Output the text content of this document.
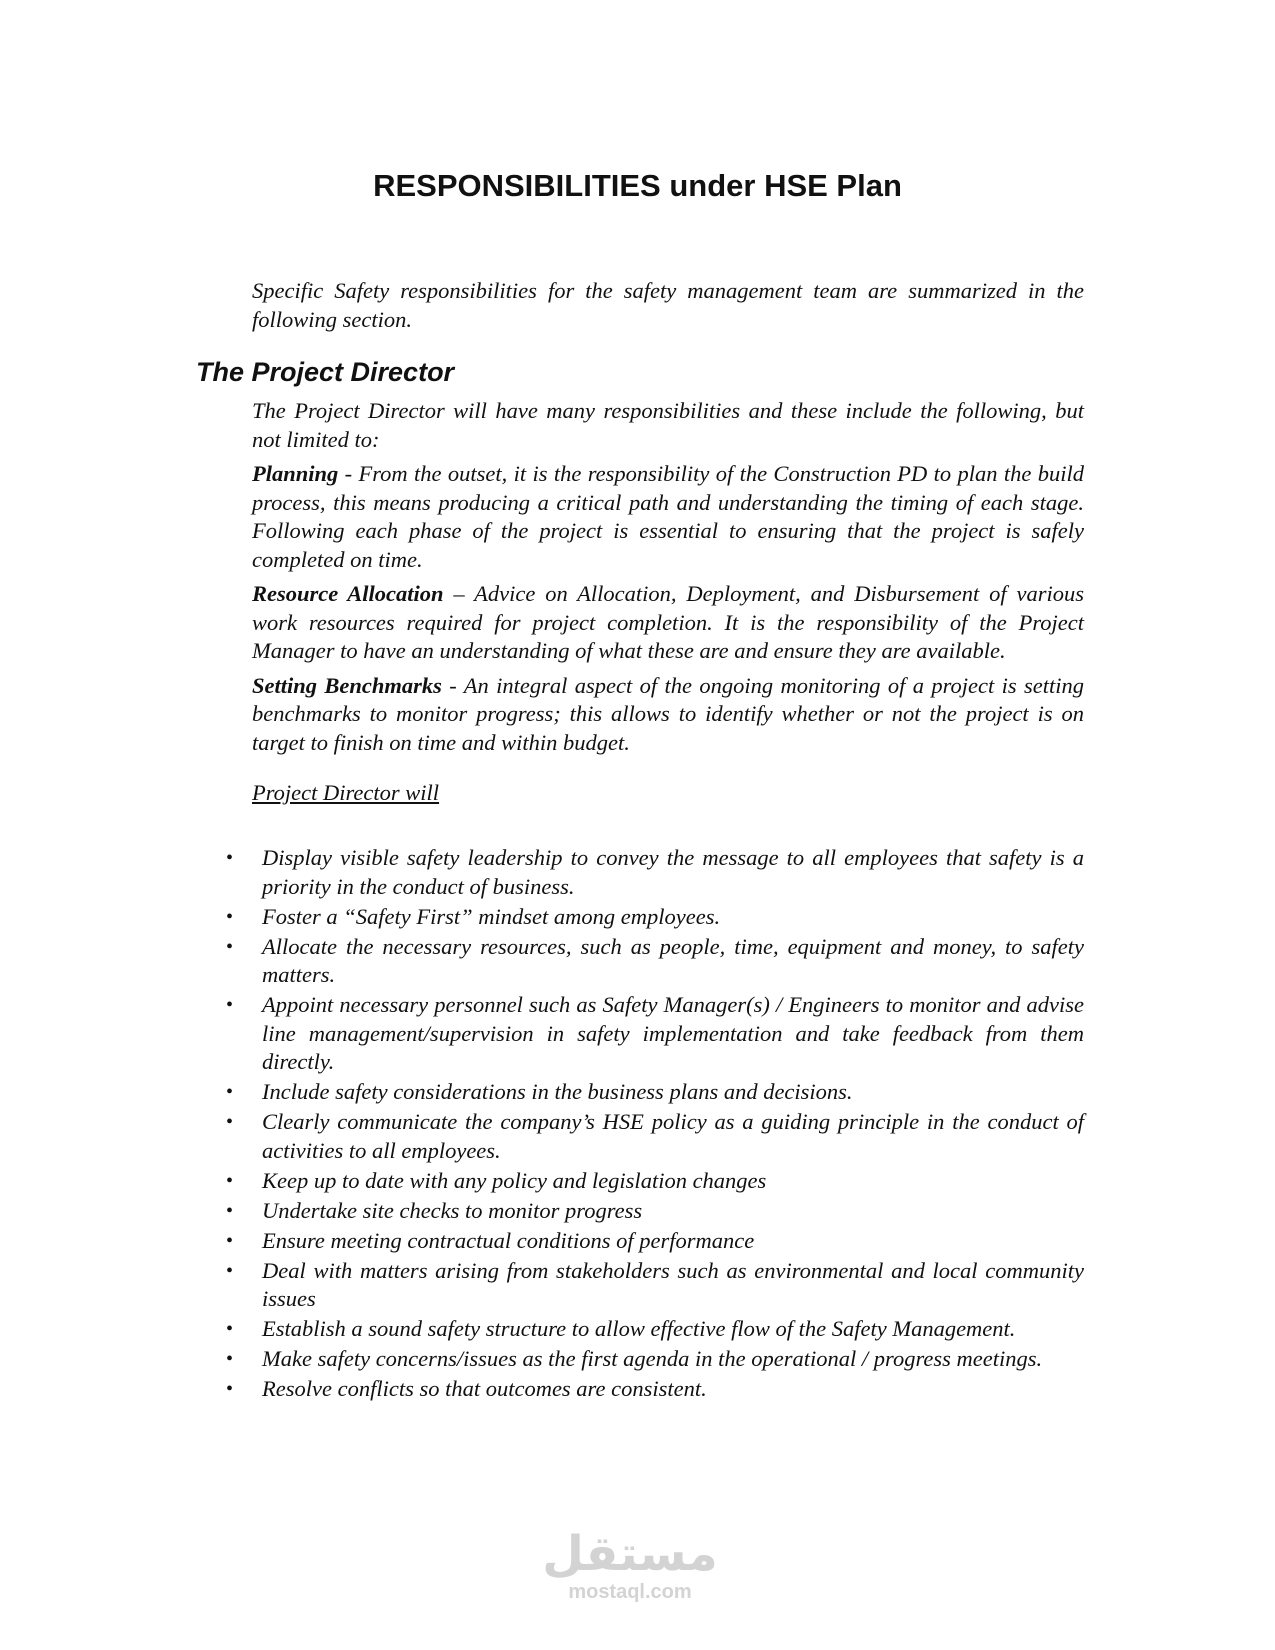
RESPONSIBILITIES under HSE Plan

Specific Safety responsibilities for the safety management team are summarized in the following section.

The Project Director

The Project Director will have many responsibilities and these include the following, but not limited to:

Planning - From the outset, it is the responsibility of the Construction PD to plan the build process, this means producing a critical path and understanding the timing of each stage. Following each phase of the project is essential to ensuring that the project is safely completed on time.

Resource Allocation – Advice on Allocation, Deployment, and Disbursement of various work resources required for project completion. It is the responsibility of the Project Manager to have an understanding of what these are and ensure they are available.

Setting Benchmarks - An integral aspect of the ongoing monitoring of a project is setting benchmarks to monitor progress; this allows to identify whether or not the project is on target to finish on time and within budget.

Project Director will

• Display visible safety leadership to convey the message to all employees that safety is a priority in the conduct of business.
• Foster a “Safety First” mindset among employees.
• Allocate the necessary resources, such as people, time, equipment and money, to safety matters.
• Appoint necessary personnel such as Safety Manager(s) / Engineers to monitor and advise line management/supervision in safety implementation and take feedback from them directly.
• Include safety considerations in the business plans and decisions.
• Clearly communicate the company’s HSE policy as a guiding principle in the conduct of activities to all employees.
• Keep up to date with any policy and legislation changes
• Undertake site checks to monitor progress
• Ensure meeting contractual conditions of performance
• Deal with matters arising from stakeholders such as environmental and local community issues
• Establish a sound safety structure to allow effective flow of the Safety Management.
• Make safety concerns/issues as the first agenda in the operational / progress meetings.
• Resolve conflicts so that outcomes are consistent.
مستقل
mostaql.com
